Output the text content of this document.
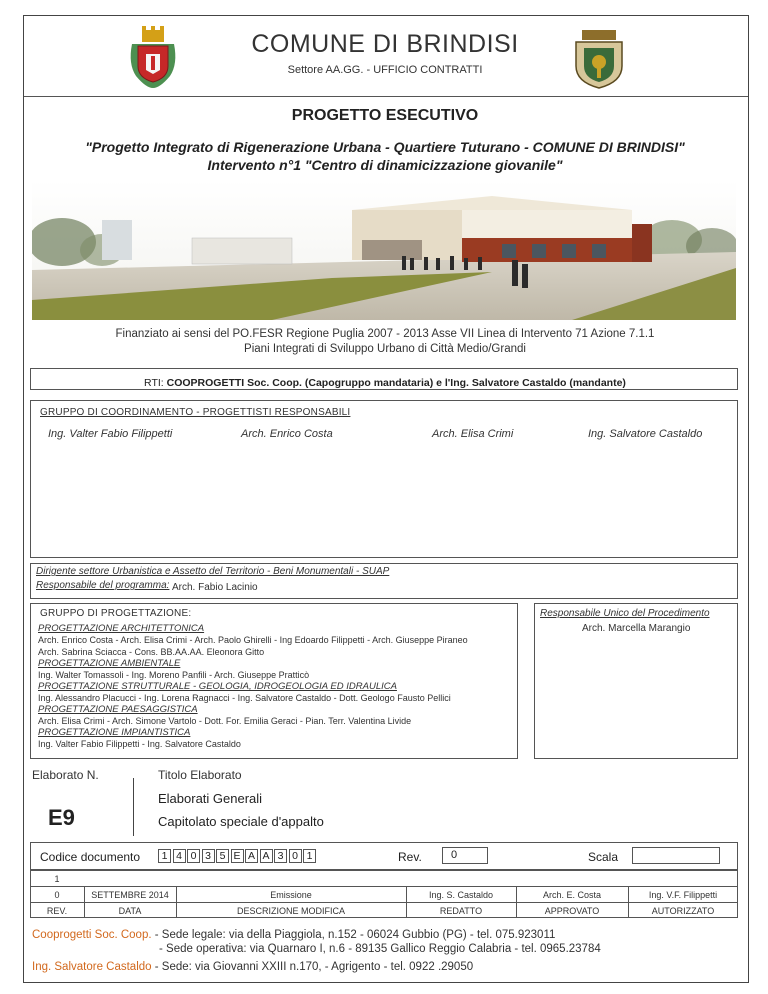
COMUNE DI BRINDISI
Settore AA.GG. - UFFICIO CONTRATTI
PROGETTO ESECUTIVO
"Progetto Integrato di Rigenerazione Urbana - Quartiere Tuturano - COMUNE DI BRINDISI"
Intervento n°1 "Centro di dinamicizzazione giovanile"
Finanziato ai sensi del PO.FESR Regione Puglia 2007 - 2013 Asse VII Linea di Intervento 71 Azione 7.1.1
Piani Integrati di Sviluppo Urbano di Città Medio/Grandi
RTI: COOPROGETTI Soc. Coop. (Capogruppo mandataria) e l'Ing. Salvatore Castaldo (mandante)
GRUPPO DI COORDINAMENTO - PROGETTISTI RESPONSABILI
Ing. Valter Fabio Filippetti	Arch. Enrico Costa	Arch. Elisa Crimi	Ing. Salvatore Castaldo
Dirigente settore Urbanistica e Assetto del Territorio - Beni Monumentali - SUAP
Responsabile del programma: Arch. Fabio Lacinio
GRUPPO DI PROGETTAZIONE:
PROGETTAZIONE ARCHITETTONICA
Arch. Enrico Costa - Arch. Elisa Crimi - Arch. Paolo Ghirelli - Ing Edoardo Filippetti - Arch. Giuseppe Piraneo
Arch. Sabrina Sciacca - Cons. BB.AA.AA. Eleonora Gitto
PROGETTAZIONE AMBIENTALE
Ing. Walter Tomassoli - Ing. Moreno Panfili - Arch. Giuseppe Pratticò
PROGETTAZIONE STRUTTURALE - GEOLOGIA, IDROGEOLOGIA ED IDRAULICA
Ing. Alessandro Placucci - Ing. Lorena Ragnacci - Ing. Salvatore Castaldo - Dott. Geologo Fausto Pellici
PROGETTAZIONE PAESAGGISTICA
Arch. Elisa Crimi - Arch. Simone Vartolo - Dott. For. Emilia Geraci - Pian. Terr. Valentina Livide
PROGETTAZIONE IMPIANTISTICA
Ing. Valter Fabio Filippetti - Ing. Salvatore Castaldo
Responsabile Unico del Procedimento
Arch. Marcella Marangio
Elaborato N.	Titolo Elaborato
E9
Elaborati Generali
Capitolato speciale d'appalto
Codice documento	1 4 0 3 5 E A A 3 0 1	Rev.	0	Scala
1
0	SETTEMBRE 2014	Emissione	Ing. S. Castaldo	Arch. E. Costa	Ing. V.F. Filippetti
REV.	DATA	DESCRIZIONE MODIFICA	REDATTO	APPROVATO	AUTORIZZATO
Cooprogetti Soc. Coop. - Sede legale: via della Piaggiola, n.152 - 06024 Gubbio (PG) - tel. 075.923011
- Sede operativa: via Quarnaro I, n.6 - 89135 Gallico Reggio Calabria - tel. 0965.23784
Ing. Salvatore Castaldo - Sede: via Giovanni XXIII n.170, - Agrigento - tel. 0922 .29050
